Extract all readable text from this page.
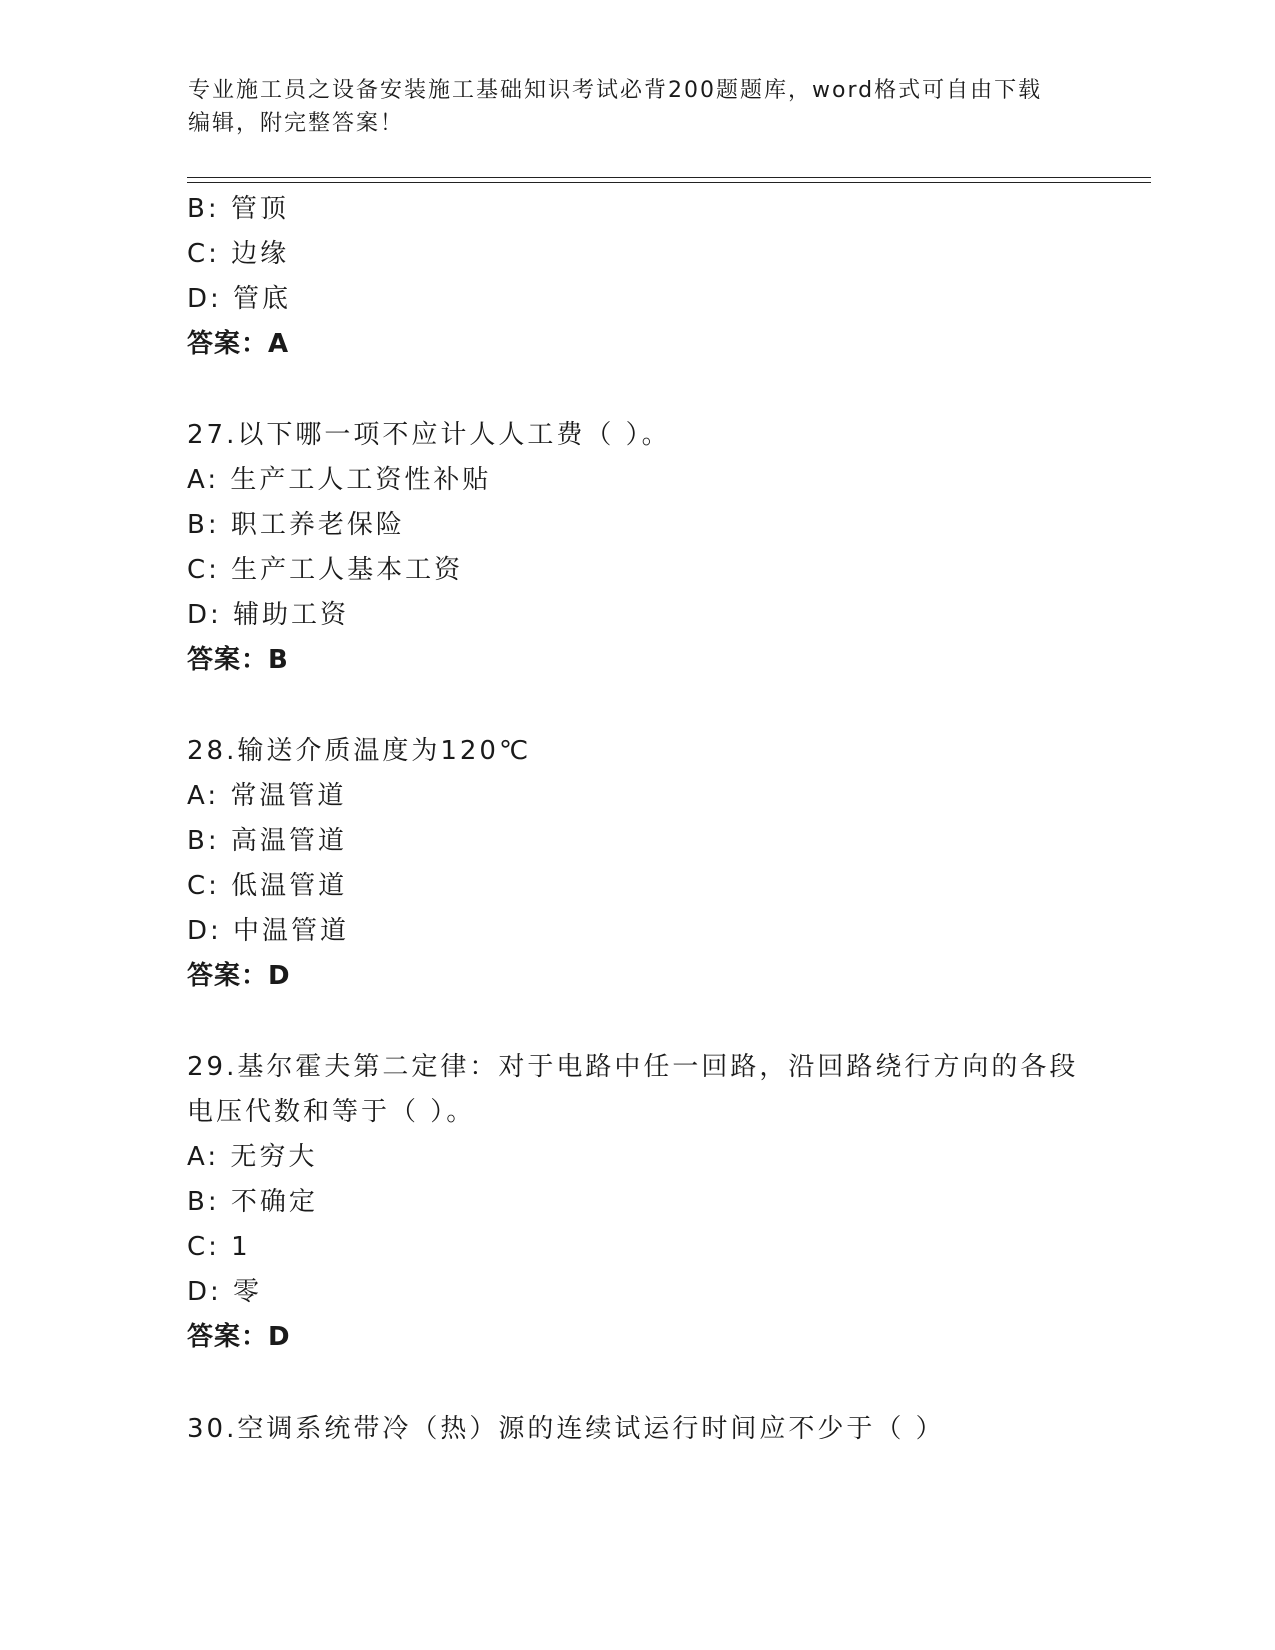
专业施工员之设备安装施工基础知识考试必背200题题库，word格式可自由下载
编辑，附完整答案！
B: 管顶
C: 边缘
D: 管底
答案：A
27.以下哪一项不应计人人工费（ ）。
A: 生产工人工资性补贴
B: 职工养老保险
C: 生产工人基本工资
D: 辅助工资
答案：B
28.输送介质温度为120℃
A: 常温管道
B: 高温管道
C: 低温管道
D: 中温管道
答案：D
29.基尔霍夫第二定律：对于电路中任一回路，沿回路绕行方向的各段
电压代数和等于（ ）。
A: 无穷大
B: 不确定
C: 1
D: 零
答案：D
30.空调系统带冷（热）源的连续试运行时间应不少于（ ）
